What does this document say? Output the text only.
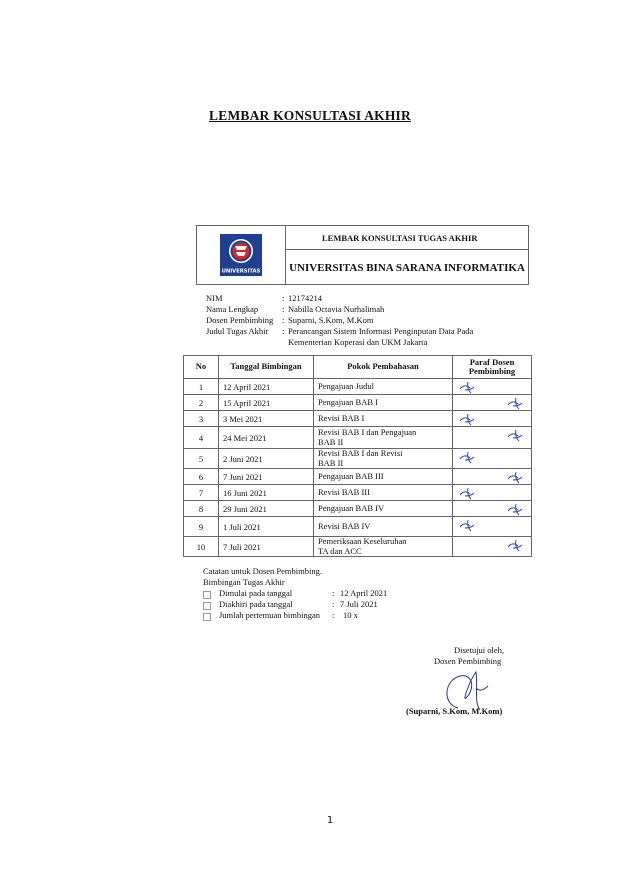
LEMBAR KONSULTASI AKHIR
UNIVERSITAS
LEMBAR KONSULTASI TUGAS AKHIR
UNIVERSITAS BINA SARANA INFORMATIKA
NIM	: 12174214
Nama Lengkap	: Nabilla Octavia Nurhalimah
Dosen Pembimbing : Suparni, S.Kom, M.Kom
Judul Tugas Akhir : Perancangan Sistem Informasi Penginputan Data Pada
Kementerian Koperasi dan UKM Jakarta
No	Tanggal Bimbingan	Pokok Pembahasan	Paraf Dosen
Pembimbing
1	12 April 2021	Pengajuan Judul	

2	15 April 2021	Pengajuan BAB I	

3	3 Mei 2021	Revisi BAB I	

4	24 Mei 2021	Revisi BAB I dan Pengajuan
BAB II	

5	2 Juni 2021	Revisi BAB I dan Revisi
BAB II	

6	7 Juni 2021	Pengajuan BAB III	

7	16 Juni 2021	Revisi BAB III	

8	29 Juni 2021	Pengajuan BAB IV	

9	1 Juli 2021	Revisi BAB IV	

10	7 Juli 2021	Pemeriksaan Keseluruhan
TA dan ACC	
Catatan untuk Dosen Pembimbing.
Bimbingan Tugas Akhir
Dimulai pada tanggal	: 12 April 2021
Diakhiri pada tanggal	: 7 Juli 2021
Jumlah pertemuan bimbingan : 10 x
Disetujui oleh,
Dosen Pembimbing
(Suparni, S.Kom, M.Kom)
1
